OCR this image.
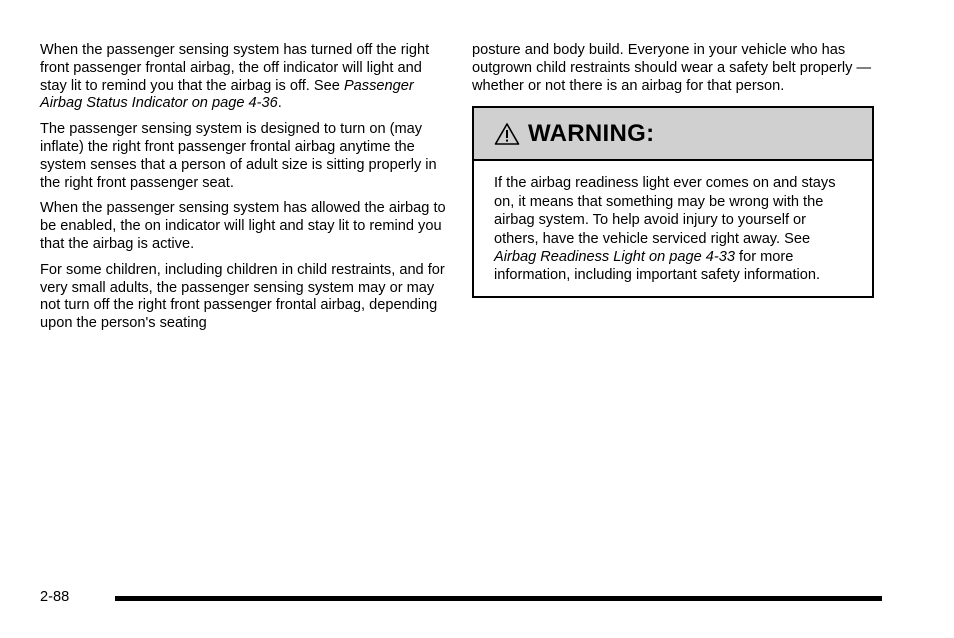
When the passenger sensing system has turned off the right front passenger frontal airbag, the off indicator will light and stay lit to remind you that the airbag is off. See Passenger Airbag Status Indicator on page 4-36.

The passenger sensing system is designed to turn on (may inflate) the right front passenger frontal airbag anytime the system senses that a person of adult size is sitting properly in the right front passenger seat.

When the passenger sensing system has allowed the airbag to be enabled, the on indicator will light and stay lit to remind you that the airbag is active.

For some children, including children in child restraints, and for very small adults, the passenger sensing system may or may not turn off the right front passenger frontal airbag, depending upon the person's seating

posture and body build. Everyone in your vehicle who has outgrown child restraints should wear a safety belt properly — whether or not there is an airbag for that person.

WARNING:
If the airbag readiness light ever comes on and stays on, it means that something may be wrong with the airbag system. To help avoid injury to yourself or others, have the vehicle serviced right away. See Airbag Readiness Light on page 4-33 for more information, including important safety information.
2-88
